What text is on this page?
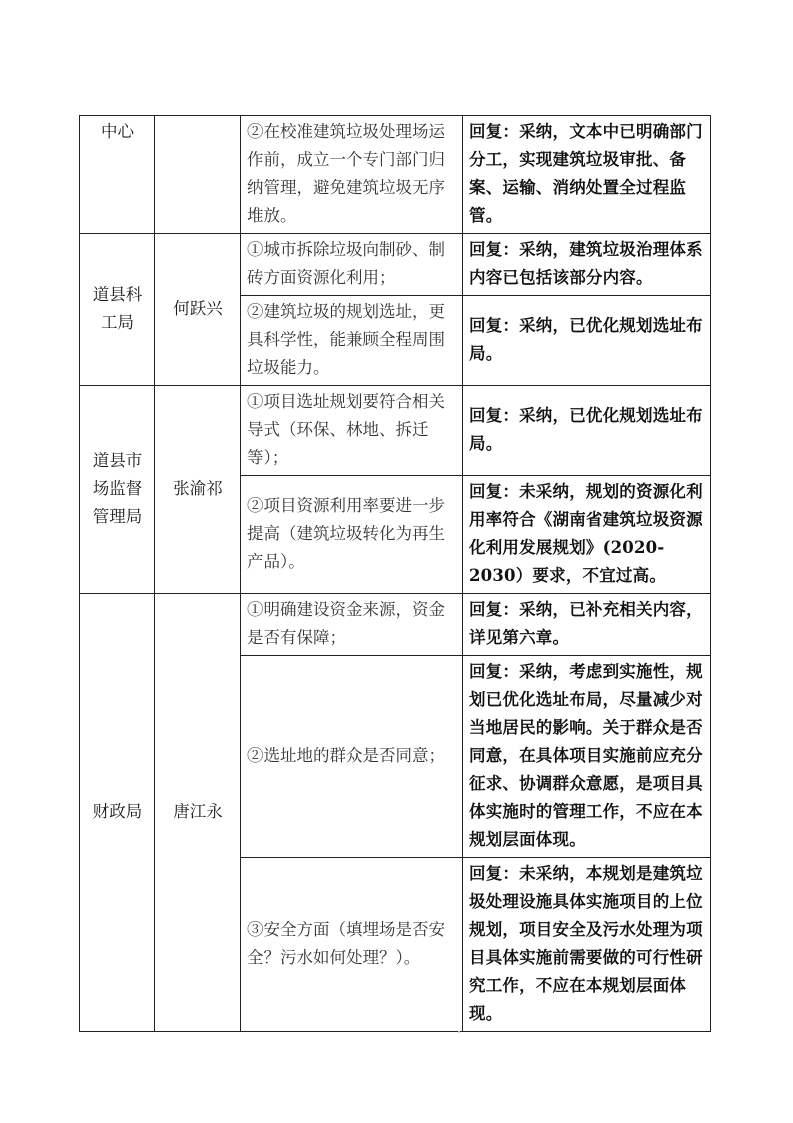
中心		②在校准建筑垃圾处理场运作前，成立一个专门部门归纳管理，避免建筑垃圾无序堆放。	回复：采纳，文本中已明确部门分工，实现建筑垃圾审批、备案、运输、消纳处置全过程监管。
道县科工局	何跃兴	①城市拆除垃圾向制砂、制砖方面资源化利用；	回复：采纳，建筑垃圾治理体系内容已包括该部分内容。
		②建筑垃圾的规划选址，更具科学性，能兼顾全程周围垃圾能力。	回复：采纳，已优化规划选址布局。
道县市场监督管理局	张渝祁	①项目选址规划要符合相关导式（环保、林地、拆迁等）；	回复：采纳，已优化规划选址布局。
		②项目资源利用率要进一步提高（建筑垃圾转化为再生产品）。	回复：未采纳，规划的资源化利用率符合《湖南省建筑垃圾资源化利用发展规划》(2020-2030）要求，不宜过高。
财政局	唐江永	①明确建设资金来源，资金是否有保障；	回复：采纳，已补充相关内容，详见第六章。
		②选址地的群众是否同意；	回复：采纳，考虑到实施性，规划已优化选址布局，尽量减少对当地居民的影响。关于群众是否同意，在具体项目实施前应充分征求、协调群众意愿，是项目具体实施时的管理工作，不应在本规划层面体现。
		③安全方面（填埋场是否安全？污水如何处理？）。	回复：未采纳，本规划是建筑垃圾处理设施具体实施项目的上位规划，项目安全及污水处理为项目具体实施前需要做的可行性研究工作，不应在本规划层面体现。
